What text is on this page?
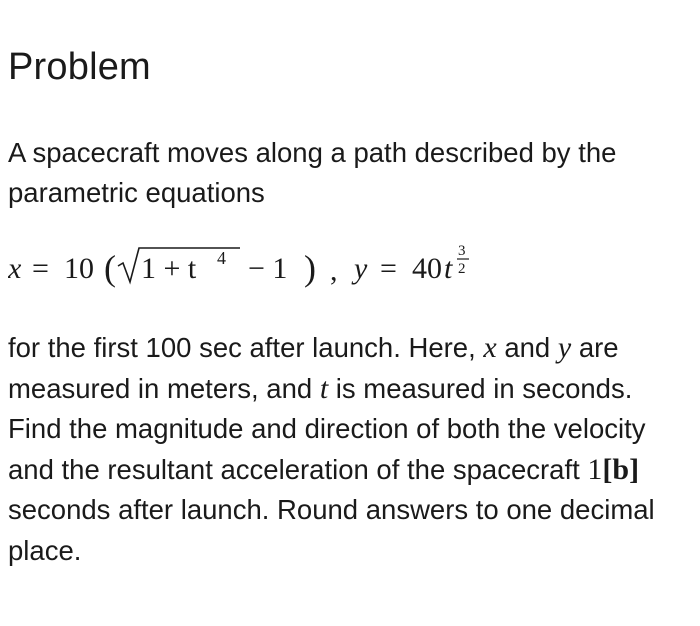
Problem
A spacecraft moves along a path described by the parametric equations
x = 10 ( 1 + t 4 − 1 ) , y = 40 t
3
2
for the first 100 sec after launch. Here, x and y are measured in meters, and t is measured in seconds. Find the magnitude and direction of both the velocity and the resultant acceleration of the spacecraft 1[b] seconds after launch. Round answers to one decimal place.
